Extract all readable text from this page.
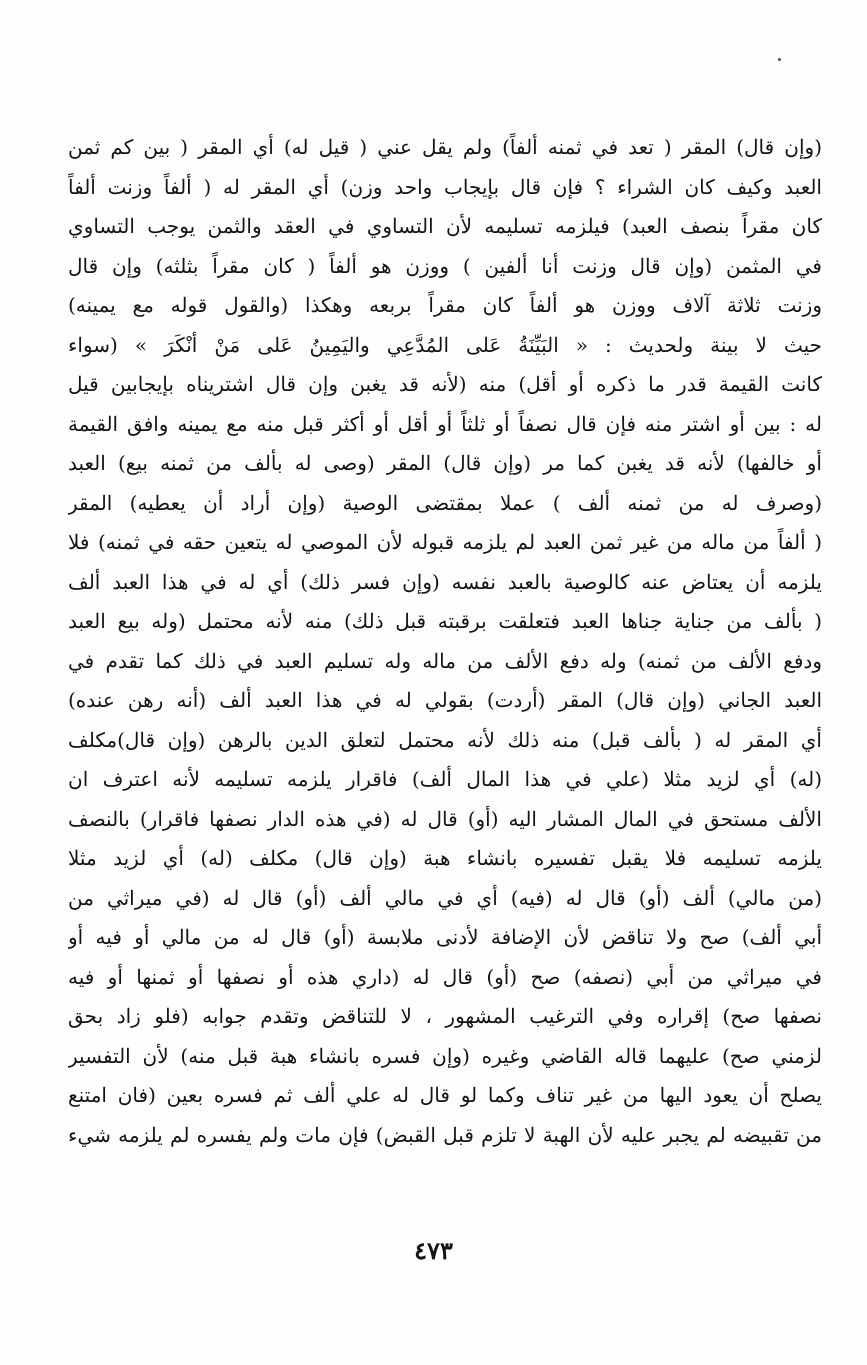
(وإن قال) المقر ( تعد في ثمنه ألفاً) ولم يقل عني ( قيل له) أي المقر ( بين كم ثمن
العبد وكيف كان الشراء ؟ فإن قال بإيجاب واحد وزن) أي المقر له ( ألفاً وزنت ألفاً
كان مقراً بنصف العبد) فيلزمه تسليمه لأن التساوي في العقد والثمن يوجب التساوي
في المثمن (وإن قال وزنت أنا ألفين ) ووزن هو ألفاً ( كان مقراً بثلثه) وإن قال
وزنت ثلاثة آلاف ووزن هو ألفاً كان مقراً بربعه وهكذا (والقول قوله مع يمينه)
حيث لا بينة ولحديث : « البَيِّنَةُ عَلى المُدَّعِي واليَمِينُ عَلى مَنْ أنْكَرَ » (سواء
كانت القيمة قدر ما ذكره أو أقل) منه (لأنه قد يغبن وإن قال اشتريناه بإيجابين قيل
له : بين أو اشتر منه فإن قال نصفاً أو ثلثاً أو أقل أو أكثر قبل منه مع يمينه وافق القيمة
أو خالفها) لأنه قد يغبن كما مر (وإن قال) المقر (وصى له بألف من ثمنه بيع) العبد
(وصرف له من ثمنه ألف ) عملا بمقتضى الوصية (وإن أراد أن يعطيه) المقر
( ألفاً من ماله من غير ثمن العبد لم يلزمه قبوله لأن الموصي له يتعين حقه في ثمنه) فلا
يلزمه أن يعتاض عنه كالوصية بالعبد نفسه (وإن فسر ذلك) أي له في هذا العبد ألف
( بألف من جناية جناها العبد فتعلقت برقبته قبل ذلك) منه لأنه محتمل (وله بيع العبد
ودفع الألف من ثمنه) وله دفع الألف من ماله وله تسليم العبد في ذلك كما تقدم في
العبد الجاني (وإن قال) المقر (أردت) بقولي له في هذا العبد ألف (أنه رهن عنده)
أي المقر له ( بألف قبل) منه ذلك لأنه محتمل لتعلق الدين بالرهن (وإن قال)مكلف
(له) أي لزيد مثلا (علي في هذا المال ألف) فاقرار يلزمه تسليمه لأنه اعترف ان
الألف مستحق في المال المشار اليه (أو) قال له (في هذه الدار نصفها فاقرار) بالنصف
يلزمه تسليمه فلا يقبل تفسيره بانشاء هبة (وإن قال) مكلف (له) أي لزيد مثلا
(من مالي) ألف (أو) قال له (فيه) أي في مالي ألف (أو) قال له (في ميراثي من
أبي ألف) صح ولا تناقض لأن الإضافة لأدنى ملابسة (أو) قال له من مالي أو فيه أو
في ميراثي من أبي (نصفه) صح (أو) قال له (داري هذه أو نصفها أو ثمنها أو فيه
نصفها صح) إقراره وفي الترغيب المشهور ، لا للتناقض وتقدم جوابه (فلو زاد بحق
لزمني صح) عليهما قاله القاضي وغيره (وإن فسره بانشاء هبة قبل منه) لأن التفسير
يصلح أن يعود اليها من غير تناف وكما لو قال له علي ألف ثم فسره بعين (فان امتنع
من تقبيضه لم يجبر عليه لأن الهبة لا تلزم قبل القبض) فإن مات ولم يفسره لم يلزمه شيء
٤٧٣
